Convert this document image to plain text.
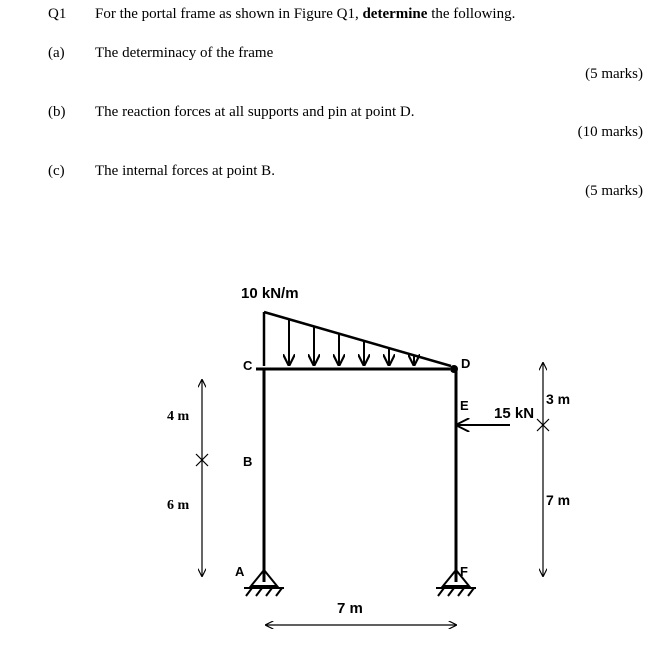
Q1 For the portal frame as shown in Figure Q1, determine the following.
(a) The determinacy of the frame
(5 marks)
(b) The reaction forces at all supports and pin at point D.
(10 marks)
(c) The internal forces at point B.
(5 marks)
10 kN/m
C	D
E
B
A	F
15 kN
4 m
6 m
3 m
7 m
7 m
